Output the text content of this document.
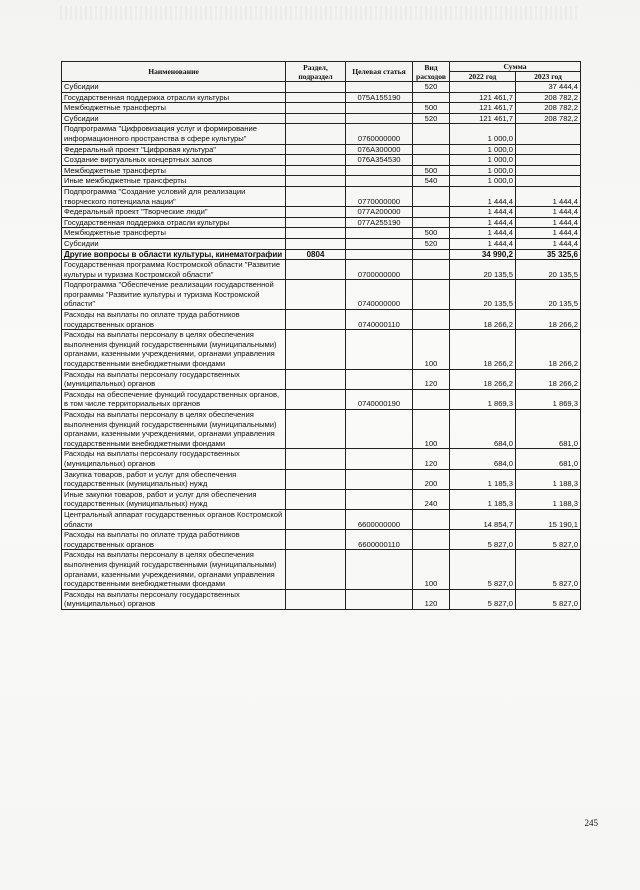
Наименование	Раздел, подраздел	Целевая статья	Вид расходов	Сумма	
				2022 год	2023 год
Субсидии			520		37 444,4
Государственная поддержка отрасли культуры		075A155190		121 461,7	208 782,2
Межбюджетные трансферты			500	121 461,7	208 782,2
Субсидии			520	121 461,7	208 782,2
Подпрограмма "Цифровизация услуг и формирование информационного пространства в сфере культуры"		0760000000		1 000,0	
Федеральный проект "Цифровая культура"		076A300000		1 000,0	
Создание виртуальных концертных залов		076A354530		1 000,0	
Межбюджетные трансферты			500	1 000,0	
Иные межбюджетные трансферты			540	1 000,0	
Подпрограмма "Создание условий для реализации творческого потенциала нации"		0770000000		1 444,4	1 444,4
Федеральный проект "Творческие люди"		077A200000		1 444,4	1 444,4
Государственная поддержка отрасли культуры		077A255190		1 444,4	1 444,4
Межбюджетные трансферты			500	1 444,4	1 444,4
Субсидии			520	1 444,4	1 444,4
Другие вопросы в области культуры, кинематографии	0804			34 990,2	35 325,6
Государственная программа Костромской области "Развитие культуры и туризма Костромской области"		0700000000		20 135,5	20 135,5
Подпрограмма "Обеспечение реализации государственной программы "Развитие культуры и туризма Костромской области"		0740000000		20 135,5	20 135,5
Расходы на выплаты по оплате труда работников государственных органов		0740000110		18 266,2	18 266,2
Расходы на выплаты персоналу в целях обеспечения выполнения функций государственными (муниципальными) органами, казенными учреждениями, органами управления государственными внебюджетными фондами			100	18 266,2	18 266,2
Расходы на выплаты персоналу государственных (муниципальных) органов			120	18 266,2	18 266,2
Расходы на обеспечение функций государственных органов, в том числе территориальных органов		0740000190		1 869,3	1 869,3
Расходы на выплаты персоналу в целях обеспечения выполнения функций государственными (муниципальными) органами, казенными учреждениями, органами управления государственными внебюджетными фондами			100	684,0	681,0
Расходы на выплаты персоналу государственных (муниципальных) органов			120	684,0	681,0
Закупка товаров, работ и услуг для обеспечения государственных (муниципальных) нужд			200	1 185,3	1 188,3
Иные закупки товаров, работ и услуг для обеспечения государственных (муниципальных) нужд			240	1 185,3	1 188,3
Центральный аппарат государственных органов Костромской области		6600000000		14 854,7	15 190,1
Расходы на выплаты по оплате труда работников государственных органов		6600000110		5 827,0	5 827,0
Расходы на выплаты персоналу в целях обеспечения выполнения функций государственными (муниципальными) органами, казенными учреждениями, органами управления государственными внебюджетными фондами			100	5 827,0	5 827,0
Расходы на выплаты персоналу государственных (муниципальных) органов			120	5 827,0	5 827,0
245
